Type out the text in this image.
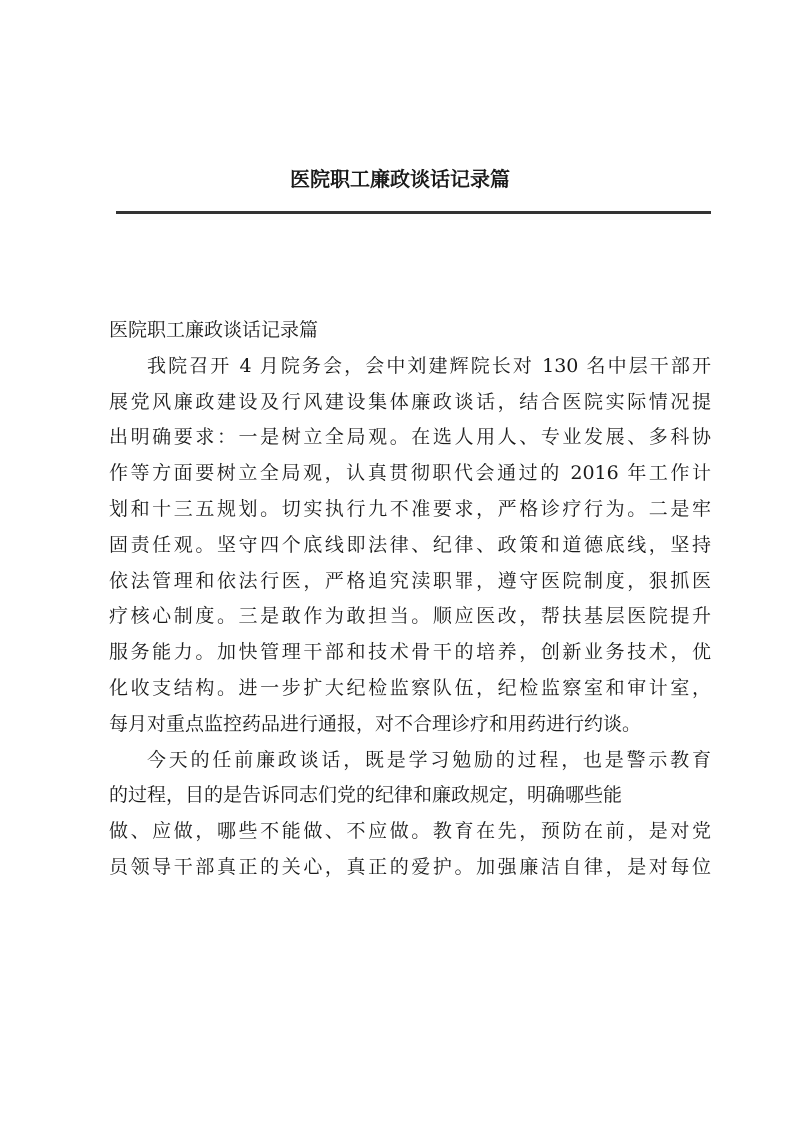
医院职工廉政谈话记录篇
医院职工廉政谈话记录篇
我院召开 4 月院务会，会中刘建辉院长对 130 名中层干部开
展党风廉政建设及行风建设集体廉政谈话，结合医院实际情况提
出明确要求：一是树立全局观。在选人用人、专业发展、多科协
作等方面要树立全局观，认真贯彻职代会通过的 2016 年工作计
划和十三五规划。切实执行九不准要求，严格诊疗行为。二是牢
固责任观。坚守四个底线即法律、纪律、政策和道德底线，坚持
依法管理和依法行医，严格追究渎职罪，遵守医院制度，狠抓医
疗核心制度。三是敢作为敢担当。顺应医改，帮扶基层医院提升
服务能力。加快管理干部和技术骨干的培养，创新业务技术，优
化收支结构。进一步扩大纪检监察队伍，纪检监察室和审计室，
每月对重点监控药品进行通报，对不合理诊疗和用药进行约谈。
今天的任前廉政谈话，既是学习勉励的过程，也是警示教育
的过程，目的是告诉同志们党的纪律和廉政规定，明确哪些能
做、应做，哪些不能做、不应做。教育在先，预防在前，是对党
员领导干部真正的关心，真正的爱护。加强廉洁自律，是对每位
